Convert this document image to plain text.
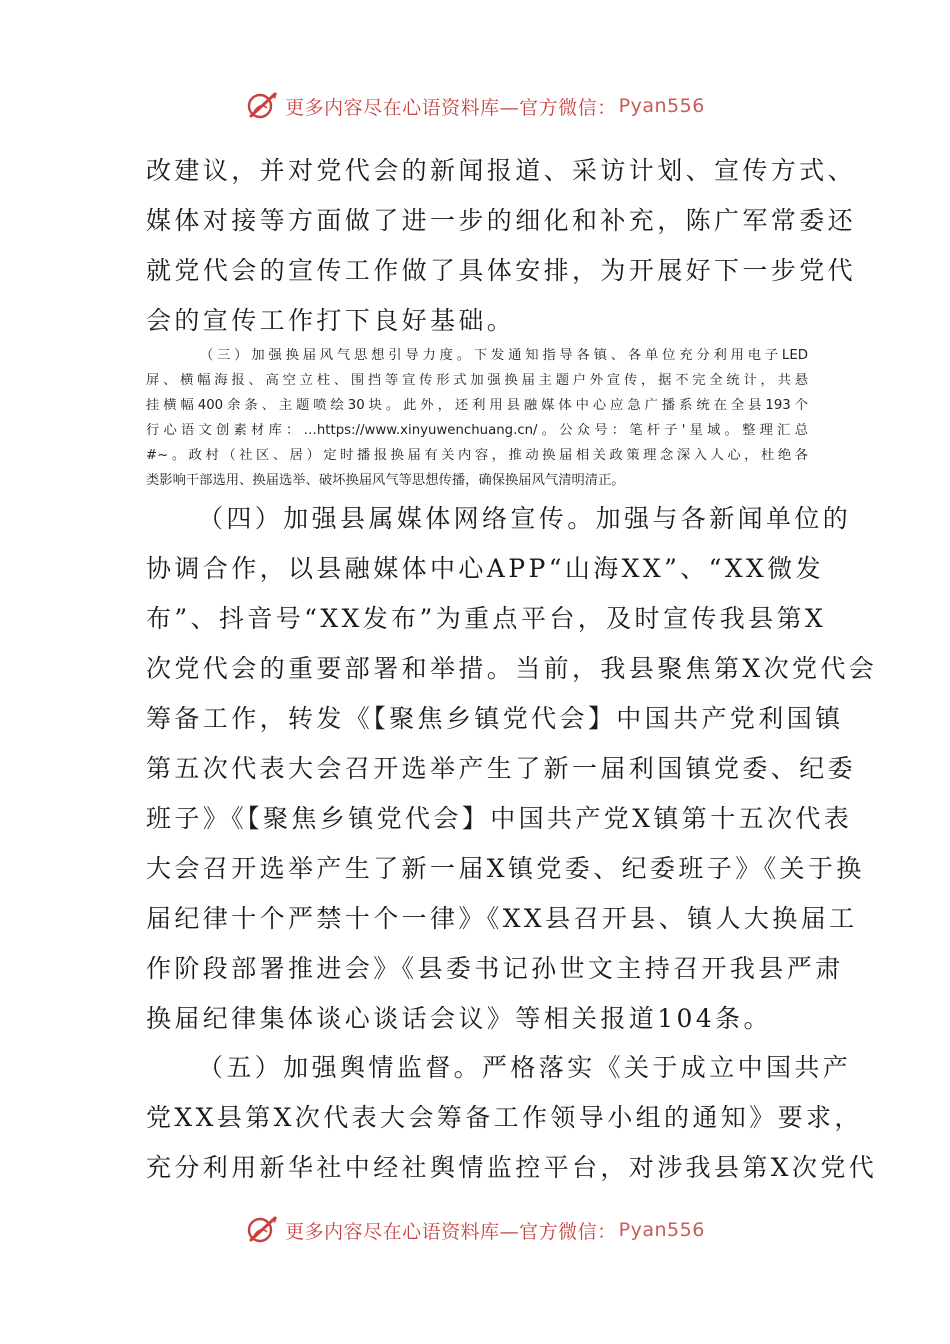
更多内容尽在心语资料库—官方微信： Pyan556
改建议，并对党代会的新闻报道、采访计划、宣传方式、
媒体对接等方面做了进一步的细化和补充，陈广军常委还
就党代会的宣传工作做了具体安排，为开展好下一步党代
会的宣传工作打下良好基础。
（三）加强换届风气思想引导力度。下发通知指导各镇、各单位充分利用电子LED
屏、横幅海报、高空立柱、围挡等宣传形式加强换届主题户外宣传，据不完全统计，共悬
挂横幅400余条、主题喷绘30块。此外，还利用县融媒体中心应急广播系统在全县193个
行心语文创素材库：…https://www.xinyuwenchuang.cn/。公众号：笔杆子'星域。整理汇总
#~。政村（社区、居）定时播报换届有关内容，推动换届相关政策理念深入人心，杜绝各
类影响干部选用、换届选举、破坏换届风气等思想传播，确保换届风气清明清正。
（四）加强县属媒体网络宣传。加强与各新闻单位的
协调合作，以县融媒体中心APP“山海XX”、“XX微发
布”、抖音号“XX发布”为重点平台，及时宣传我县第X
次党代会的重要部署和举措。当前，我县聚焦第X次党代会
筹备工作，转发《【聚焦乡镇党代会】中国共产党利国镇
第五次代表大会召开选举产生了新一届利国镇党委、纪委
班子》《【聚焦乡镇党代会】中国共产党X镇第十五次代表
大会召开选举产生了新一届X镇党委、纪委班子》《关于换
届纪律十个严禁十个一律》《XX县召开县、镇人大换届工
作阶段部署推进会》《县委书记孙世文主持召开我县严肃
换届纪律集体谈心谈话会议》等相关报道104条。
（五）加强舆情监督。严格落实《关于成立中国共产
党XX县第X次代表大会筹备工作领导小组的通知》要求，
充分利用新华社中经社舆情监控平台，对涉我县第X次党代
更多内容尽在心语资料库—官方微信： Pyan556
